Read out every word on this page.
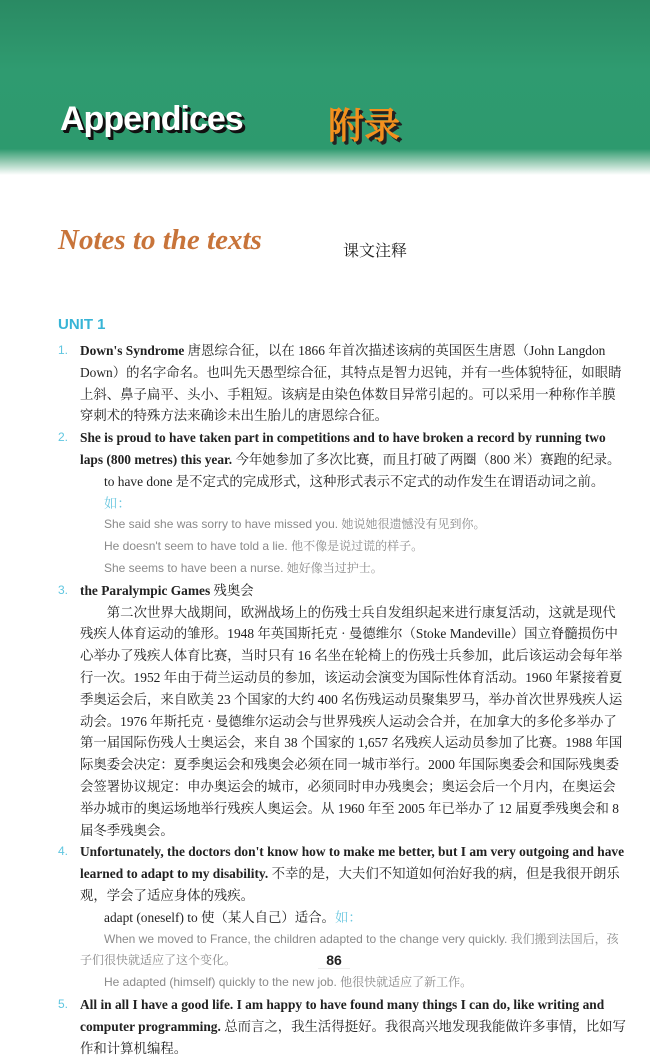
Appendices 附录
Notes to the texts	课文注释
UNIT 1
1. Down's Syndrome 唐恩综合征，以在 1866 年首次描述该病的英国医生唐恩（John Langdon Down）的名字命名。也叫先天愚型综合征，其特点是智力迟钝，并有一些体貌特征，如眼睛上斜、鼻子扁平、头小、手粗短。该病是由染色体数目异常引起的。可以采用一种称作羊膜穿刺术的特殊方法来确诊未出生胎儿的唐恩综合征。
2. She is proud to have taken part in competitions and to have broken a record by running two laps (800 metres) this year. 今年她参加了多次比赛，而且打破了两圈（800 米）赛跑的纪录。
to have done 是不定式的完成形式，这种形式表示不定式的动作发生在谓语动词之前。如：
She said she was sorry to have missed you. 她说她很遗憾没有见到你。
He doesn't seem to have told a lie. 他不像是说过谎的样子。
She seems to have been a nurse. 她好像当过护士。
3. the Paralympic Games 残奥会
第二次世界大战期间，欧洲战场上的伤残士兵自发组织起来进行康复活动，这就是现代残疾人体育运动的雏形。1948 年英国斯托克 · 曼德维尔（Stoke Mandeville）国立脊髓损伤中心举办了残疾人体育比赛，当时只有 16 名坐在轮椅上的伤残士兵参加，此后该运动会每年举行一次。1952 年由于荷兰运动员的参加，该运动会演变为国际性体育活动。1960 年紧接着夏季奥运会后，来自欧美 23 个国家的大约 400 名伤残运动员聚集罗马，举办首次世界残疾人运动会。1976 年斯托克 · 曼德维尔运动会与世界残疾人运动会合并，在加拿大的多伦多举办了第一届国际伤残人士奥运会，来自 38 个国家的 1,657 名残疾人运动员参加了比赛。1988 年国际奥委会决定：夏季奥运会和残奥会必须在同一城市举行。2000 年国际奥委会和国际残奥委会签署协议规定：申办奥运会的城市，必须同时申办残奥会；奥运会后一个月内，在奥运会举办城市的奥运场地举行残疾人奥运会。从 1960 年至 2005 年已举办了 12 届夏季残奥会和 8 届冬季残奥会。
4. Unfortunately, the doctors don't know how to make me better, but I am very outgoing and have learned to adapt to my disability. 不幸的是，大夫们不知道如何治好我的病，但是我很开朗乐观，学会了适应身体的残疾。
adapt (oneself) to 使（某人自己）适合。如：
When we moved to France, the children adapted to the change very quickly. 我们搬到法国后，孩子们很快就适应了这个变化。
He adapted (himself) quickly to the new job. 他很快就适应了新工作。
5. All in all I have a good life. I am happy to have found many things I can do, like writing and computer programming. 总而言之，我生活得挺好。我很高兴地发现我能做许多事情，比如写作和计算机编程。
86
